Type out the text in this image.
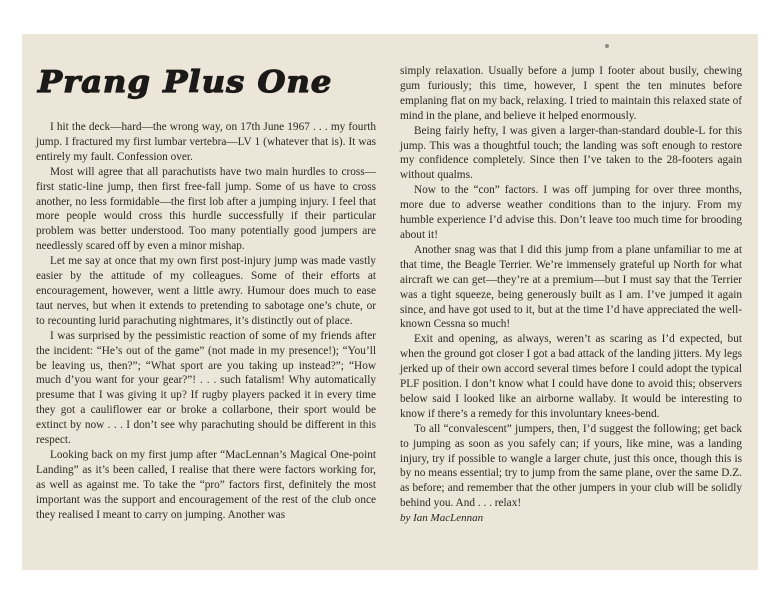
Prang Plus One

I hit the deck—hard—the wrong way, on 17th June 1967 . . . my fourth jump. I fractured my first lumbar vertebra—LV 1 (whatever that is). It was entirely my fault. Confession over.

Most will agree that all parachutists have two main hurdles to cross—first static-line jump, then first free-fall jump. Some of us have to cross another, no less formidable—the first lob after a jumping injury. I feel that more people would cross this hurdle successfully if their particular problem was better understood. Too many potentially good jumpers are needlessly scared off by even a minor mishap.

Let me say at once that my own first post-injury jump was made vastly easier by the attitude of my colleagues. Some of their efforts at encouragement, however, went a little awry. Humour does much to ease taut nerves, but when it extends to pretending to sabotage one’s chute, or to recounting lurid parachuting nightmares, it’s distinctly out of place.

I was surprised by the pessimistic reaction of some of my friends after the incident: “He’s out of the game” (not made in my presence!); “You’ll be leaving us, then?”; “What sport are you taking up instead?”; “How much d’you want for your gear?”! . . . such fatalism! Why automatically presume that I was giving it up? If rugby players packed it in every time they got a cauliflower ear or broke a collarbone, their sport would be extinct by now . . . I don’t see why parachuting should be different in this respect.

Looking back on my first jump after “MacLennan’s Magical One-point Landing” as it’s been called, I realise that there were factors working for, as well as against me. To take the “pro” factors first, definitely the most important was the support and encouragement of the rest of the club once they realised I meant to carry on jumping. Another was

simply relaxation. Usually before a jump I footer about busily, chewing gum furiously; this time, however, I spent the ten minutes before emplaning flat on my back, relaxing. I tried to maintain this relaxed state of mind in the plane, and believe it helped enormously.

Being fairly hefty, I was given a larger-than-standard double-L for this jump. This was a thoughtful touch; the landing was soft enough to restore my confidence completely. Since then I’ve taken to the 28-footers again without qualms.

Now to the “con” factors. I was off jumping for over three months, more due to adverse weather conditions than to the injury. From my humble experience I’d advise this. Don’t leave too much time for brooding about it!

Another snag was that I did this jump from a plane unfamiliar to me at that time, the Beagle Terrier. We’re immensely grateful up North for what aircraft we can get—they’re at a premium—but I must say that the Terrier was a tight squeeze, being generously built as I am. I’ve jumped it again since, and have got used to it, but at the time I’d have appreciated the well-known Cessna so much!

Exit and opening, as always, weren’t as scaring as I’d expected, but when the ground got closer I got a bad attack of the landing jitters. My legs jerked up of their own accord several times before I could adopt the typical PLF position. I don’t know what I could have done to avoid this; observers below said I looked like an airborne wallaby. It would be interesting to know if there’s a remedy for this involuntary knees-bend.

To all “convalescent” jumpers, then, I’d suggest the following; get back to jumping as soon as you safely can; if yours, like mine, was a landing injury, try if possible to wangle a larger chute, just this once, though this is by no means essential; try to jump from the same plane, over the same D.Z. as before; and remember that the other jumpers in your club will be solidly behind you. And . . . relax!

by Ian MacLennan
